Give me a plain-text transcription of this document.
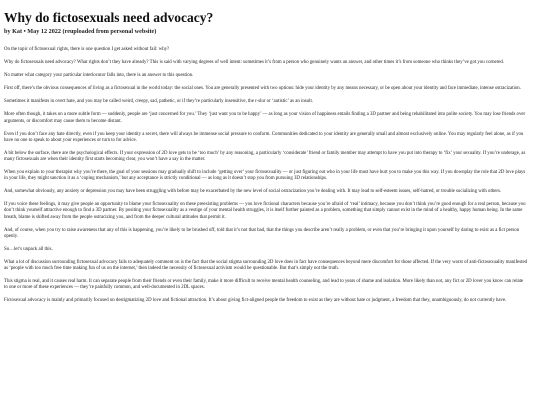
Why do fictosexuals need advocacy?
by Kat • May 12 2022 (reuploaded from personal website)

On the topic of fictosexual rights, there is one question I get asked without fail: why?

Why do fictosexuals need advocacy? What rights don’t they have already? This is said with varying degrees of well intent: sometimes it’s from a person who genuinely wants an answer, and other times it’s from someone who thinks they’ve got you cornered.

No matter what category your particular interlocutor falls into, there is an answer to this question.

First off, there’s the obvious consequences of living as a fictosexual in the world today: the social ones. You are generally presented with two options: hide your identity by any means necessary, or be open about your identity and face immediate, intense ostracization.

Sometimes it manifests in overt hate, and you may be called weird, creepy, sad, pathetic, or if they’re particularly insensitive, the r-slur or ‘autistic’ as an insult.

More often though, it takes on a more subtle form — suddenly, people are ‘just concerned for you.’ They ‘just want you to be happy’ — as long as your vision of happiness entails finding a 3D partner and being rehabilitated into polite society. You may lose friends over arguments, or discomfort may cause them to become distant.

Even if you don’t face any hate directly, even if you keep your identity a secret, there will always be immense social pressure to conform. Communities dedicated to your identity are generally small and almost exclusively online. You may regularly feel alone, as if you have no one to speak to about your experiences or turn to for advice.

A bit below the surface, there are the psychological effects. If your expression of 2D love gets to be ‘too much’ by any reasoning, a particularly ‘considerate’ friend or family member may attempt to have you put into therapy to ‘fix’ your sexuality. If you’re underage, as many fictosexuals are when their identity first starts becoming clear, you won’t have a say in the matter.

When you explain to your therapist why you’re there, the goal of your sessions may gradually shift to include ‘getting over’ your fictosexuality — or just figuring out who in your life must have hurt you to make you this way. If you downplay the role that 2D love plays in your life, they might sanction it as a ‘coping mechanism,’ but any acceptance is strictly conditional — as long as it doesn’t stop you from pursuing 3D relationships.

And, somewhat obviously, any anxiety or depression you may have been struggling with before may be exacerbated by the new level of social ostracization you’re dealing with. It may lead to self-esteem issues, self-hatred, or trouble socializing with others.

If you voice these feelings, it may give people an opportunity to blame your fictosexuality on these preexisting problems — you love fictional characters because you’re afraid of ‘real’ intimacy, because you don’t think you’re good enough for a real person, because you don’t think yourself attractive enough to find a 3D partner. By positing your fictosexuality as a vestige of your mental health struggles, it is itself further painted as a problem, something that simply cannot exist in the mind of a healthy, happy human being. In the same breath, blame is shifted away from the people ostracizing you, and from the deeper cultural attitudes that permit it.

And, of course, when you try to raise awareness that any of this is happening, you’re likely to be brushed off, told that it’s not that bad, that the things you describe aren’t really a problem, or even that you’re bringing it upon yourself by daring to exist as a fict person openly.

So…let’s unpack all this.

What a lot of discussion surrounding fictosexual advocacy fails to adequately comment on is the fact that the social stigma surrounding 2D love does in fact have consequences beyond mere discomfort for those affected. If the very worst of anti-fictosexuality manifested as ‘people with too much free time making fun of us on the internet,’ then indeed the necessity of fictosexual activism would be questionable. But that’s simply not the truth.

This stigma is real, and it causes real harm. It can separate people from their friends or even their family, make it more difficult to receive mental health counseling, and lead to years of shame and isolation. More likely than not, any fict or 2D lover you know can relate to one or more of these experiences — they’re painfully common, and well-documented in 2DL spaces.

Fictosexual advocacy is mainly and primarily focused on destigmatizing 2D love and fictional attraction. It’s about giving fict-aligned people the freedom to exist as they are without hate or judgment, a freedom that they, unambiguously, do not currently have.
